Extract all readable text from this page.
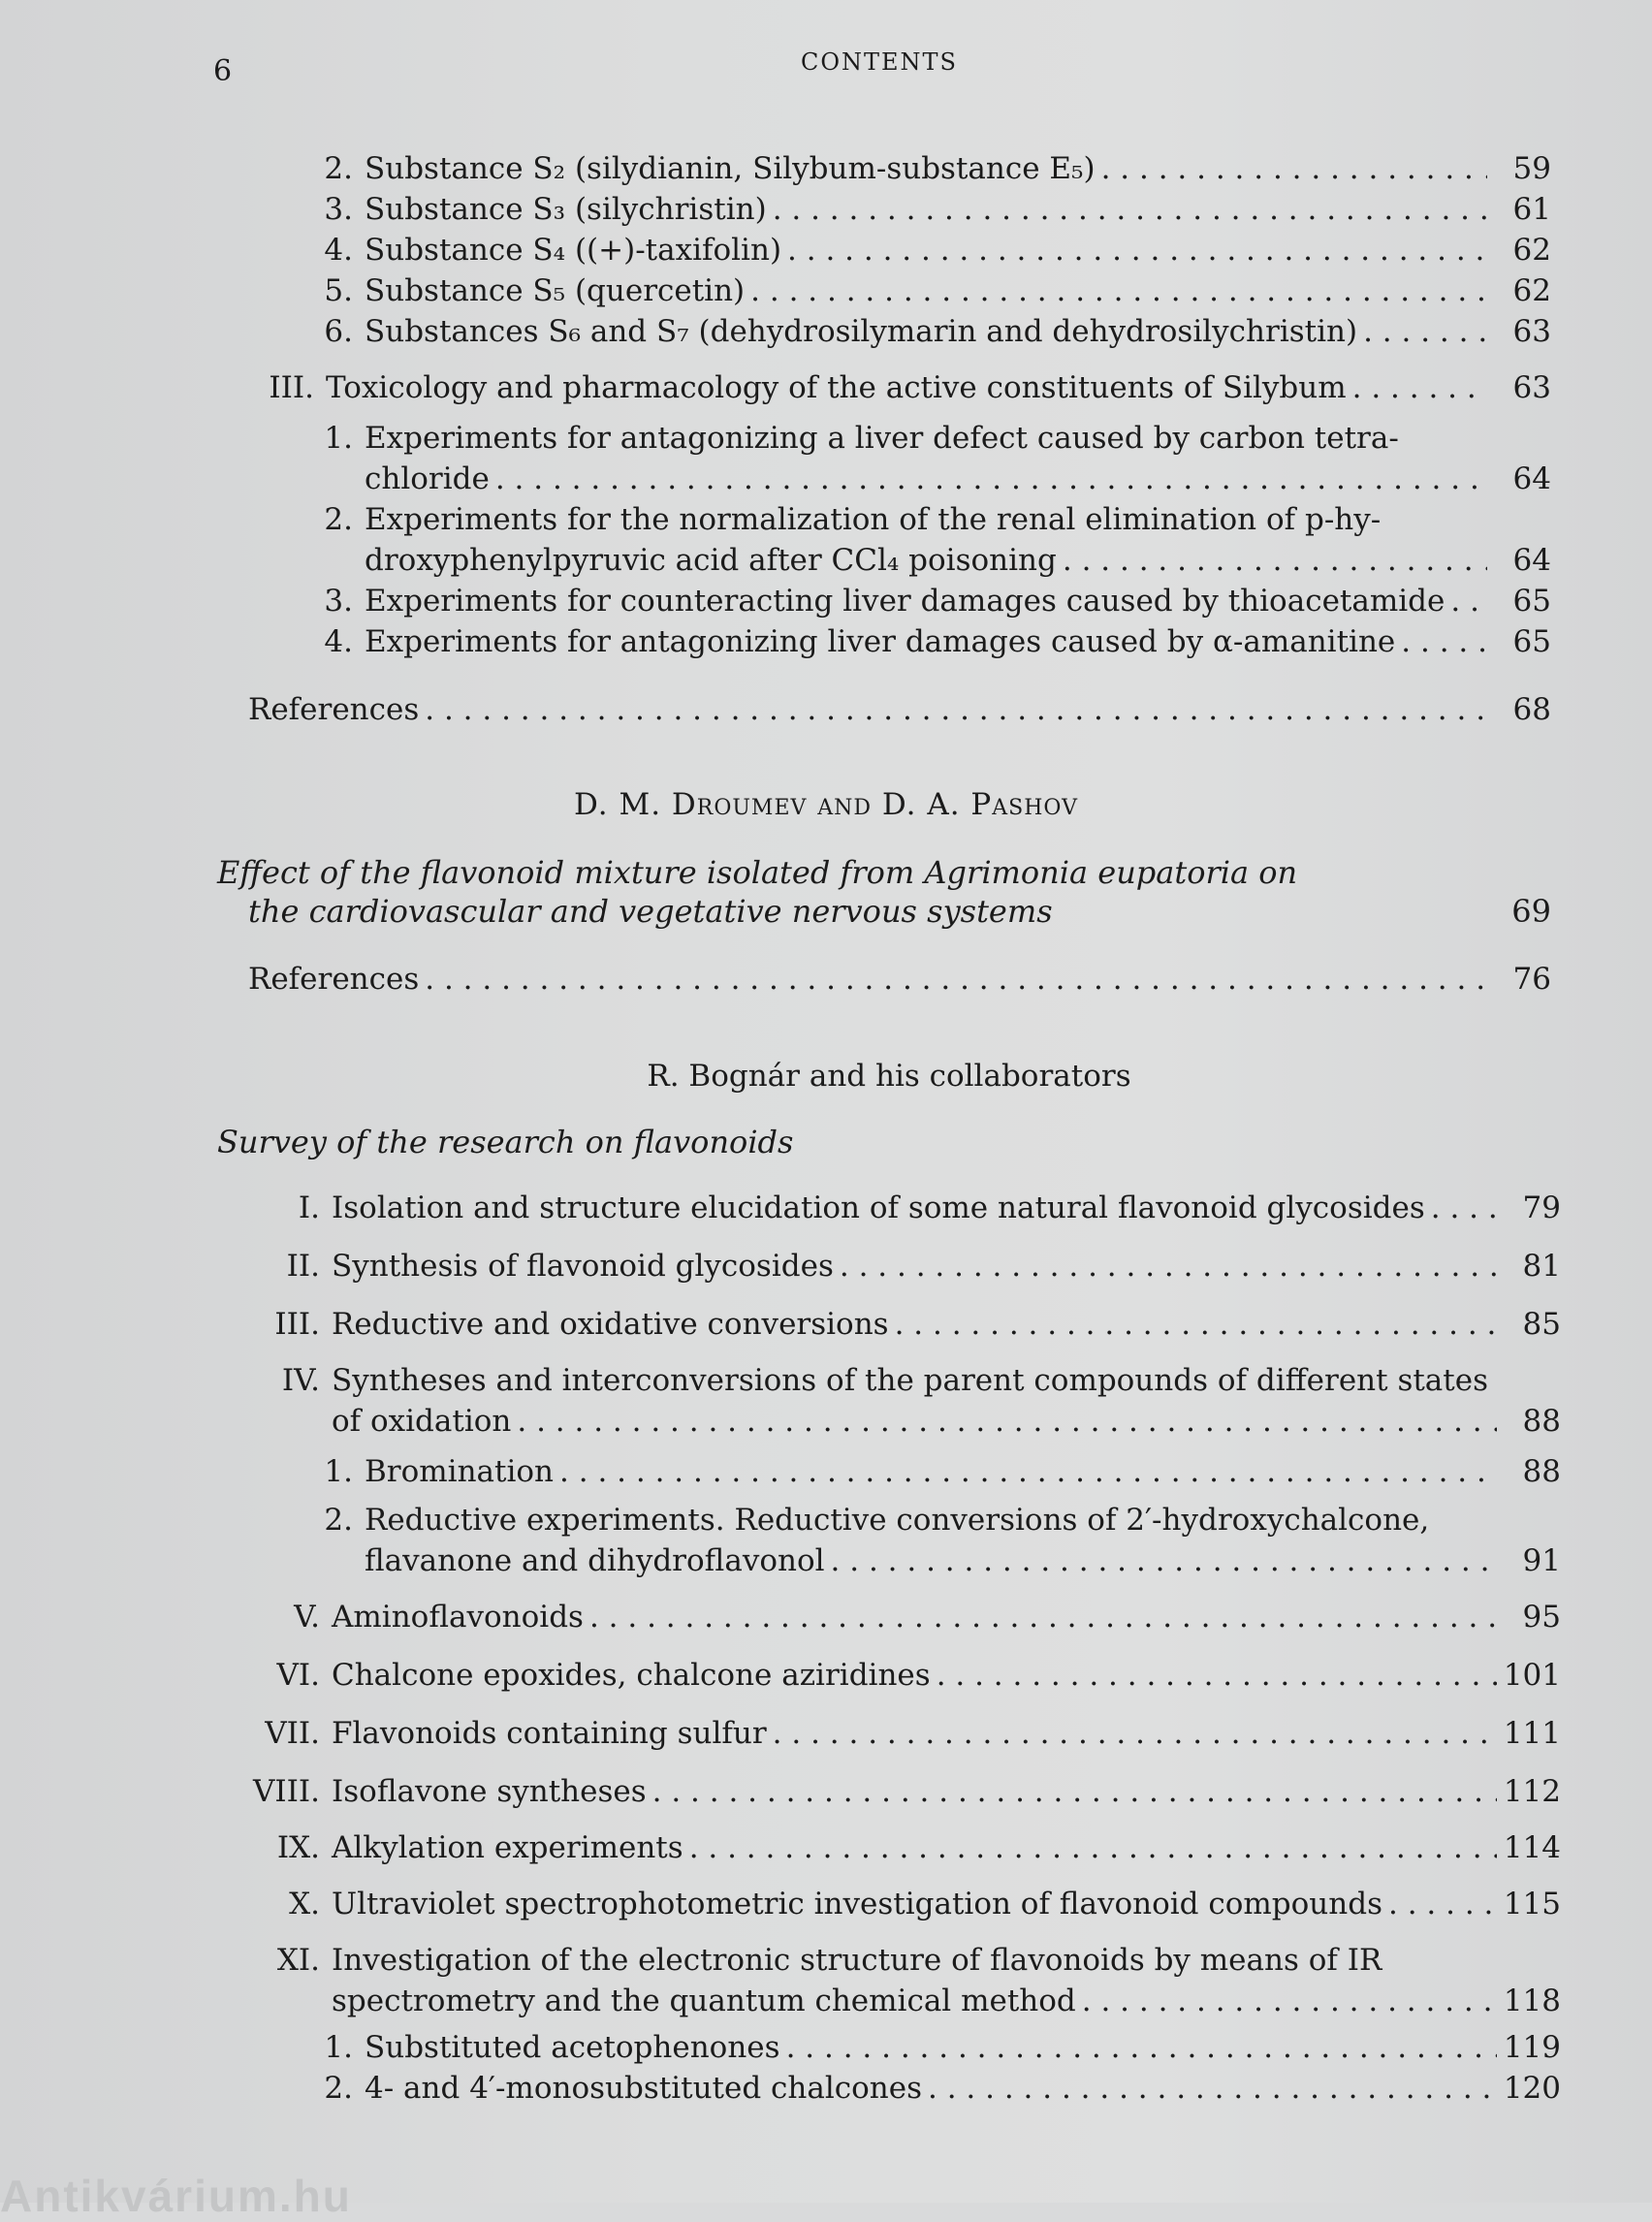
6	CONTENTS
2. Substance S₂ (silydianin, Silybum-substance E₅) . . .	59
3. Substance S₃ (silychristin) . . .	61
4. Substance S₄ ((+)-taxifolin) . . .	62
5. Substance S₅ (quercetin) . . .	62
6. Substances S₆ and S₇ (dehydrosilymarin and dehydrosilychristin) . . .	63
III. Toxicology and pharmacology of the active constituents of Silybum . . .	63
1. Experiments for antagonizing a liver defect caused by carbon tetra-
chloride . . .	64
2. Experiments for the normalization of the renal elimination of p-hy-
droxyphenylpyruvic acid after CCl₄ poisoning . . .	64
3. Experiments for counteracting liver damages caused by thioacetamide . . .	65
4. Experiments for antagonizing liver damages caused by α-amanitine . . .	65
References . . .	68
D. M. Droumev and D. A. Pashov
Effect of the flavonoid mixture isolated from Agrimonia eupatoria on
the cardiovascular and vegetative nervous systems	69
References . . .	76
R. Bognár and his collaborators
Survey of the research on flavonoids
I. Isolation and structure elucidation of some natural flavonoid glycosides . . .	79
II. Synthesis of flavonoid glycosides . . .	81
III. Reductive and oxidative conversions . . .	85
IV. Syntheses and interconversions of the parent compounds of different states
of oxidation . . .	88
1. Bromination . . .	88
2. Reductive experiments. Reductive conversions of 2′-hydroxychalcone,
flavanone and dihydroflavonol . . .	91
V. Aminoflavonoids . . .	95
VI. Chalcone epoxides, chalcone aziridines . . .	101
VII. Flavonoids containing sulfur . . .	111
VIII. Isoflavone syntheses . . .	112
IX. Alkylation experiments . . .	114
X. Ultraviolet spectrophotometric investigation of flavonoid compounds . . .	115
XI. Investigation of the electronic structure of flavonoids by means of IR
spectrometry and the quantum chemical method . . .	118
1. Substituted acetophenones . . .	119
2. 4- and 4′-monosubstituted chalcones . . .	120
Antikvárium.hu
